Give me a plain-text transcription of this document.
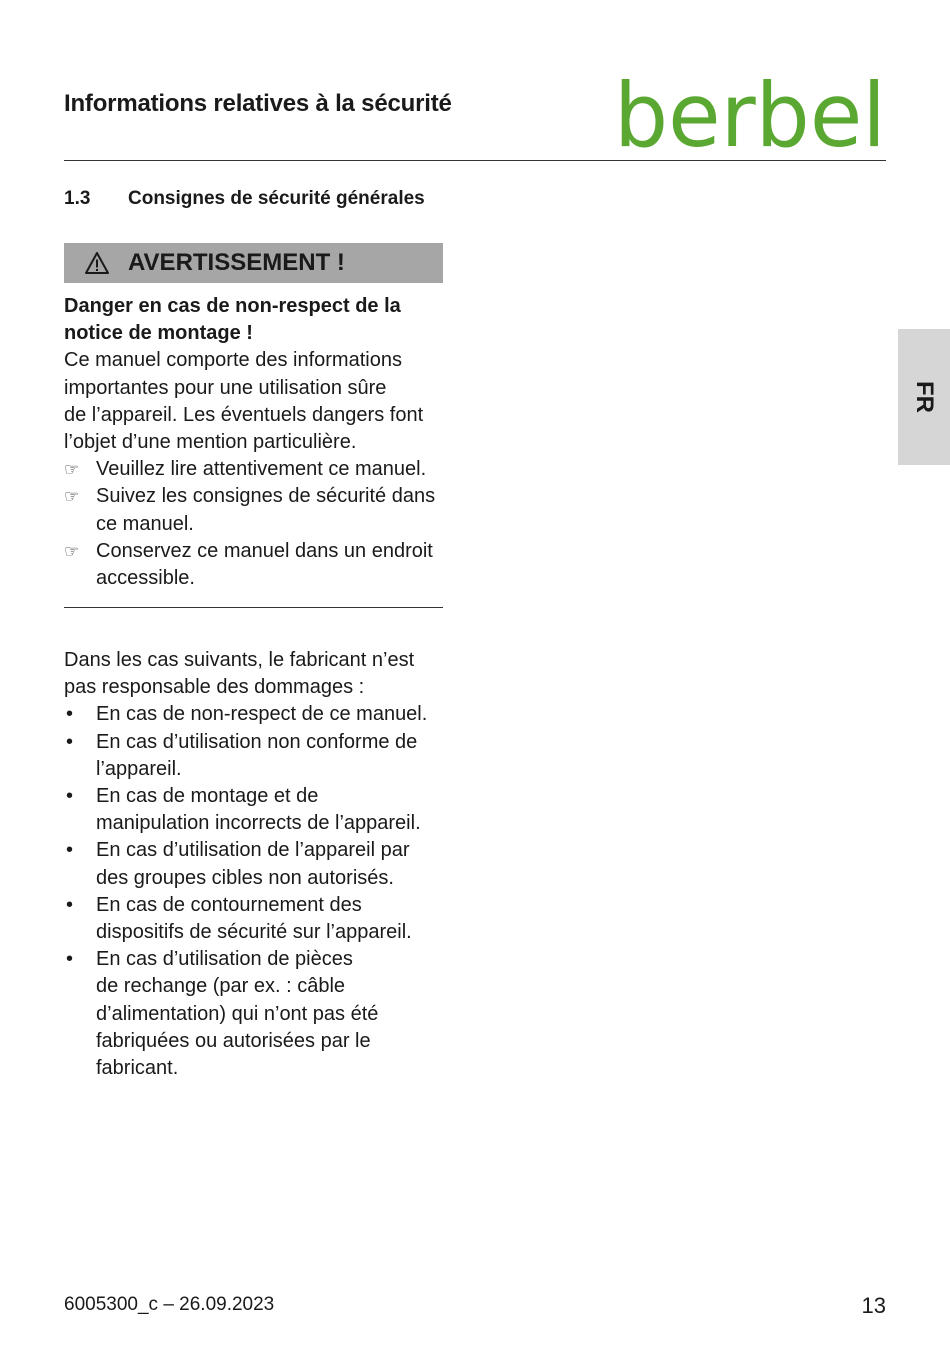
Informations relatives à la sécurité berbel
FR
1.3 Consignes de sécurité générales
AVERTISSEMENT !
Danger en cas de non-respect de la
notice de montage !
Ce manuel comporte des informations
importantes pour une utilisation sûre
de l’appareil. Les éventuels dangers font
l’objet d’une mention particulière.
☞ Veuillez lire attentivement ce manuel.
☞ Suivez les consignes de sécurité dans
ce manuel.
☞ Conservez ce manuel dans un endroit
accessible.
Dans les cas suivants, le fabricant n’est
pas responsable des dommages :
•	En cas de non-respect de ce manuel.
•	En cas d’utilisation non conforme de
l’appareil.
•	En cas de montage et de
manipulation incorrects de l’appareil.
•	En cas d’utilisation de l’appareil par
des groupes cibles non autorisés.
•	En cas de contournement des
dispositifs de sécurité sur l’appareil.
•	En cas d’utilisation de pièces
de rechange (par ex. : câble
d’alimentation) qui n’ont pas été
fabriquées ou autorisées par le
fabricant.
6005300_c – 26.09.2023	13
